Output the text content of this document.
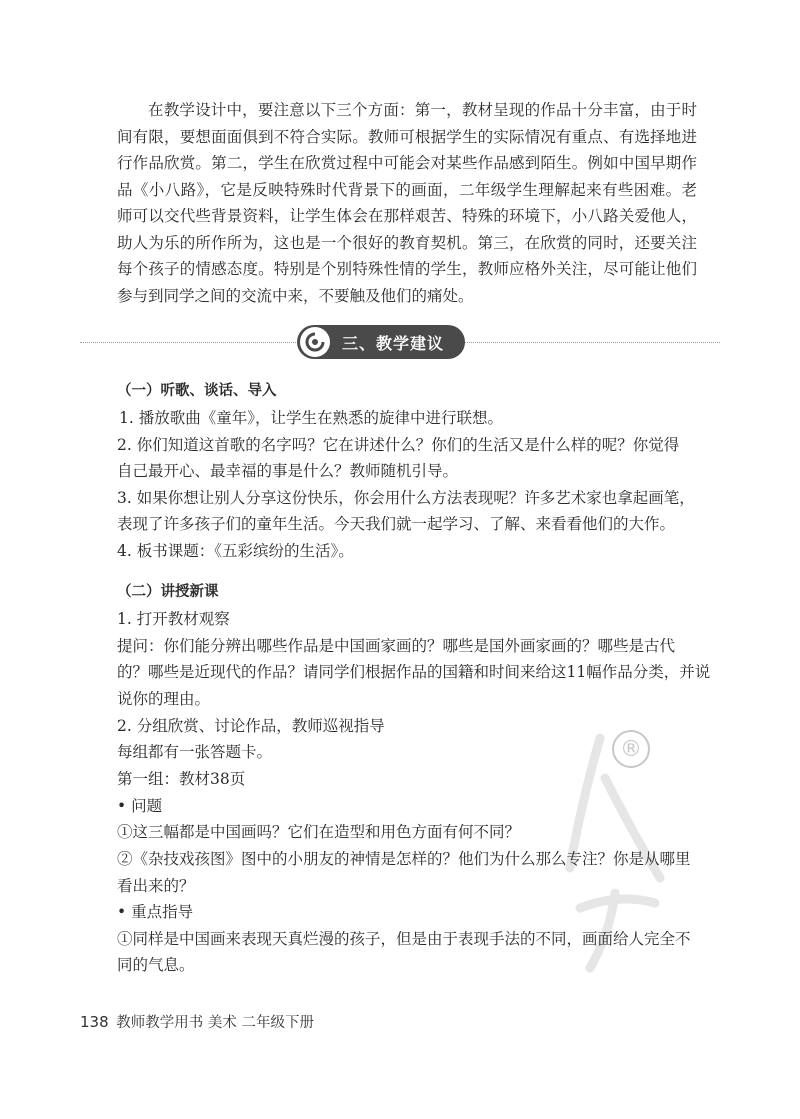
®

在教学设计中，要注意以下三个方面：第一，教材呈现的作品十分丰富，由于时间有限，要想面面俱到不符合实际。教师可根据学生的实际情况有重点、有选择地进行作品欣赏。第二，学生在欣赏过程中可能会对某些作品感到陌生。例如中国早期作品《小八路》，它是反映特殊时代背景下的画面，二年级学生理解起来有些困难。老师可以交代些背景资料，让学生体会在那样艰苦、特殊的环境下，小八路关爱他人，助人为乐的所作所为，这也是一个很好的教育契机。第三，在欣赏的同时，还要关注每个孩子的情感态度。特别是个别特殊性情的学生，教师应格外关注，尽可能让他们参与到同学之间的交流中来，不要触及他们的痛处。

三、教学建议
（一）听歌、谈话、导入
1. 播放歌曲《童年》，让学生在熟悉的旋律中进行联想。
2. 你们知道这首歌的名字吗？它在讲述什么？你们的生活又是什么样的呢？你觉得
自己最开心、最幸福的事是什么？教师随机引导。
3. 如果你想让别人分享这份快乐，你会用什么方法表现呢？许多艺术家也拿起画笔，
表现了许多孩子们的童年生活。今天我们就一起学习、了解、来看看他们的大作。
4. 板书课题：《五彩缤纷的生活》。
（二）讲授新课
1. 打开教材观察
提问：你们能分辨出哪些作品是中国画家画的？哪些是国外画家画的？哪些是古代
的？哪些是近现代的作品？请同学们根据作品的国籍和时间来给这11幅作品分类，并说
说你的理由。
2. 分组欣赏、讨论作品，教师巡视指导
每组都有一张答题卡。
第一组：教材38页
• 问题
①这三幅都是中国画吗？它们在造型和用色方面有何不同？
②《杂技戏孩图》图中的小朋友的神情是怎样的？他们为什么那么专注？你是从哪里
看出来的？
• 重点指导
①同样是中国画来表现天真烂漫的孩子，但是由于表现手法的不同，画面给人完全不
同的气息。
138 教师教学用书 美术 二年级下册
